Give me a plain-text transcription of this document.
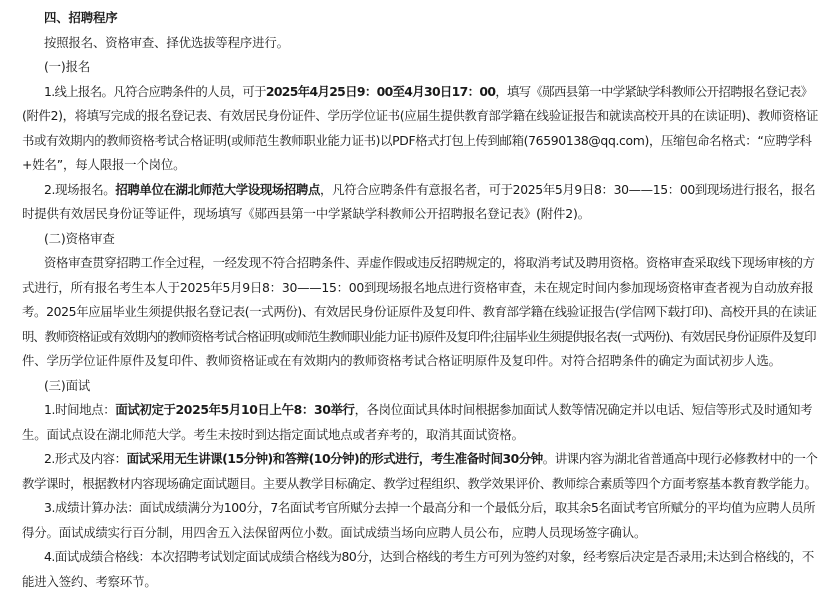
四、招聘程序
按照报名、资格审查、择优选拔等程序进行。
(一)报名
1.线上报名。凡符合应聘条件的人员，可于2025年4月25日9：00至4月30日17：00，填写《郧西县第一中学紧缺学科教师公开招聘报名登记表》
(附件2)，将填写完成的报名登记表、有效居民身份证件、学历学位证书(应届生提供教育部学籍在线验证报告和就读高校开具的在读证明)、教师资格证
书或有效期内的教师资格考试合格证明(或师范生教师职业能力证书)以PDF格式打包上传到邮箱(76590138@qq.com)，压缩包命名格式：“应聘学科
+姓名”，每人限报一个岗位。
2.现场报名。招聘单位在湖北师范大学设现场招聘点，凡符合应聘条件有意报名者，可于2025年5月9日8：30——15：00到现场进行报名，报名
时提供有效居民身份证等证件，现场填写《郧西县第一中学紧缺学科教师公开招聘报名登记表》(附件2)。
(二)资格审查
资格审查贯穿招聘工作全过程，一经发现不符合招聘条件、弄虚作假或违反招聘规定的，将取消考试及聘用资格。资格审查采取线下现场审核的方
式进行，所有报名考生本人于2025年5月9日8：30——15：00到现场报名地点进行资格审查，未在规定时间内参加现场资格审查者视为自动放弃报
考。2025年应届毕业生须提供报名登记表(一式两份)、有效居民身份证原件及复印件、教育部学籍在线验证报告(学信网下载打印)、高校开具的在读证
明、教师资格证或有效期内的教师资格考试合格证明(或师范生教师职业能力证书)原件及复印件;往届毕业生须提供报名表(一式两份)、有效居民身份证原件及复印
件、学历学位证件原件及复印件、教师资格证或在有效期内的教师资格考试合格证明原件及复印件。对符合招聘条件的确定为面试初步人选。
(三)面试
1.时间地点：面试初定于2025年5月10日上午8：30举行，各岗位面试具体时间根据参加面试人数等情况确定并以电话、短信等形式及时通知考
生。面试点设在湖北师范大学。考生未按时到达指定面试地点或者弃考的，取消其面试资格。
2.形式及内容：面试采用无生讲课(15分钟)和答辩(10分钟)的形式进行，考生准备时间30分钟。讲课内容为湖北省普通高中现行必修教材中的一个
教学课时，根据教材内容现场确定面试题目。主要从教学目标确定、教学过程组织、教学效果评价、教师综合素质等四个方面考察基本教育教学能力。
3.成绩计算办法：面试成绩满分为100分，7名面试考官所赋分去掉一个最高分和一个最低分后，取其余5名面试考官所赋分的平均值为应聘人员所
得分。面试成绩实行百分制，用四舍五入法保留两位小数。面试成绩当场向应聘人员公布，应聘人员现场签字确认。
4.面试成绩合格线：本次招聘考试划定面试成绩合格线为80分，达到合格线的考生方可列为签约对象，经考察后决定是否录用;未达到合格线的，不
能进入签约、考察环节。
